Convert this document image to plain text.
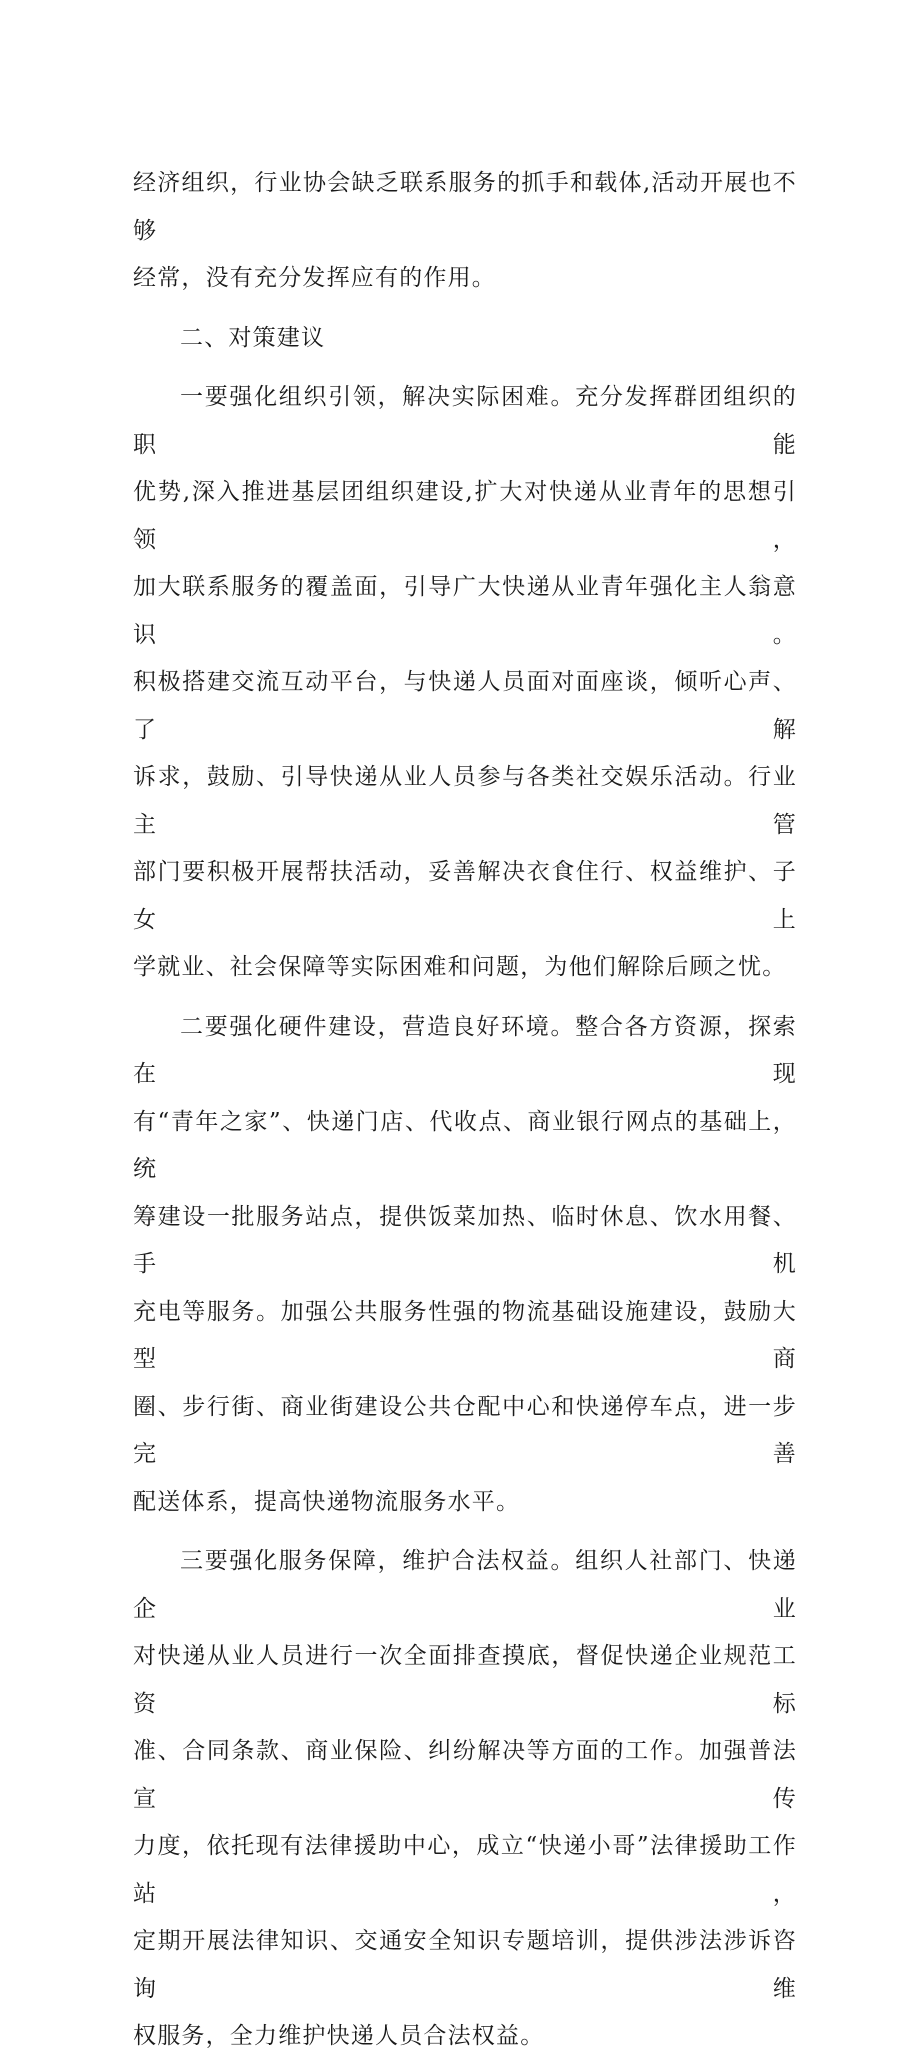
经济组织，行业协会缺乏联系服务的抓手和载体,活动开展也不够
经常，没有充分发挥应有的作用。

二、对策建议

一要强化组织引领，解决实际困难。充分发挥群团组织的职能
优势,深入推进基层团组织建设,扩大对快递从业青年的思想引领，
加大联系服务的覆盖面，引导广大快递从业青年强化主人翁意识。
积极搭建交流互动平台，与快递人员面对面座谈，倾听心声、了解
诉求，鼓励、引导快递从业人员参与各类社交娱乐活动。行业主管
部门要积极开展帮扶活动，妥善解决衣食住行、权益维护、子女上
学就业、社会保障等实际困难和问题，为他们解除后顾之忧。

二要强化硬件建设，营造良好环境。整合各方资源，探索在现
有“青年之家”、快递门店、代收点、商业银行网点的基础上，统
筹建设一批服务站点，提供饭菜加热、临时休息、饮水用餐、手机
充电等服务。加强公共服务性强的物流基础设施建设，鼓励大型商
圈、步行街、商业街建设公共仓配中心和快递停车点，进一步完善
配送体系，提高快递物流服务水平。

三要强化服务保障，维护合法权益。组织人社部门、快递企业
对快递从业人员进行一次全面排查摸底，督促快递企业规范工资标
准、合同条款、商业保险、纠纷解决等方面的工作。加强普法宣传
力度，依托现有法律援助中心，成立“快递小哥”法律援助工作站，
定期开展法律知识、交通安全知识专题培训，提供涉法涉诉咨询维
权服务，全力维护快递人员合法权益。
